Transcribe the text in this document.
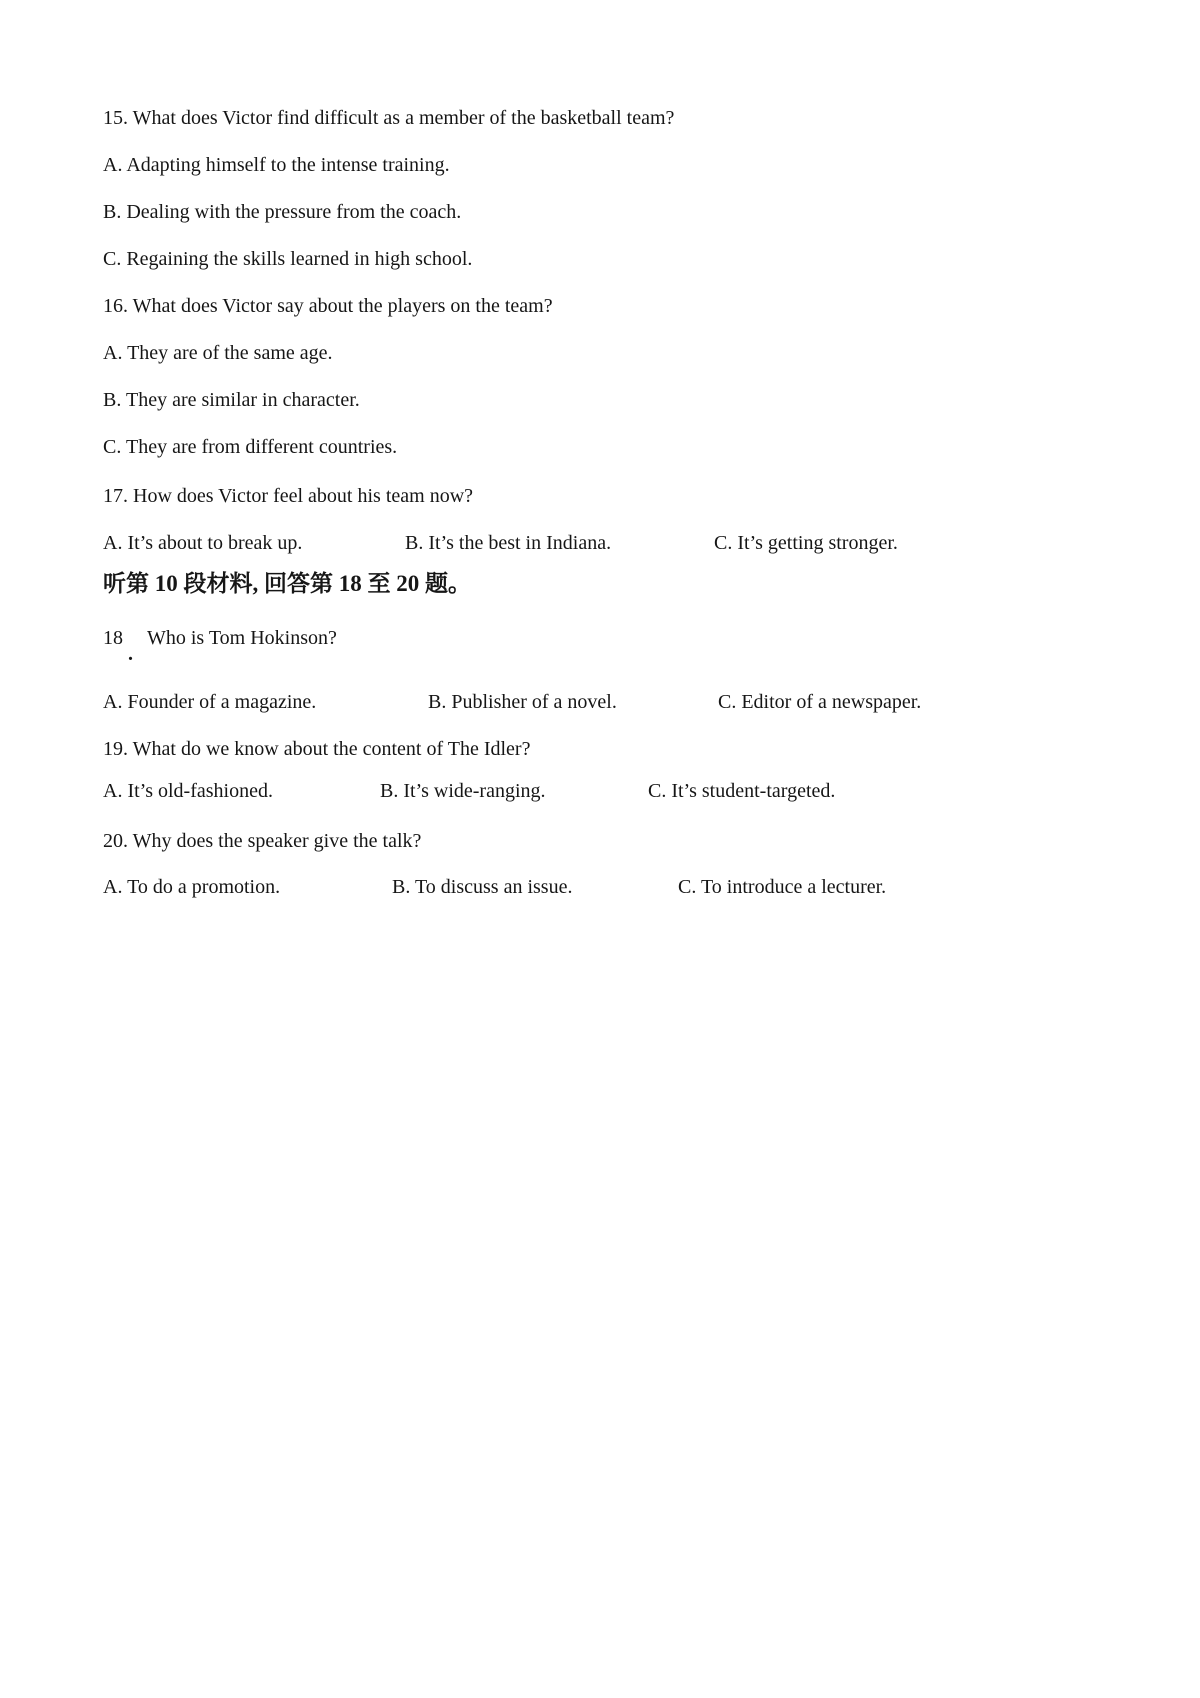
15. What does Victor find difficult as a member of the basketball team?
A. Adapting himself to the intense training.
B. Dealing with the pressure from the coach.
C. Regaining the skills learned in high school.
16. What does Victor say about the players on the team?
A. They are of the same age.
B. They are similar in character.
C. They are from different countries.
17. How does Victor feel about his team now?
A. It’s about to break up.	B. It’s the best in Indiana.	C. It’s getting stronger.
听第 10 段材料, 回答第 18 至 20 题。
18 Who is Tom Hokinson?
.
A. Founder of a magazine.	B. Publisher of a novel.	C. Editor of a newspaper.
19. What do we know about the content of The Idler?
A. It’s old-fashioned.	B. It’s wide-ranging.	C. It’s student-targeted.
20. Why does the speaker give the talk?
A. To do a promotion.	B. To discuss an issue.	C. To introduce a lecturer.
